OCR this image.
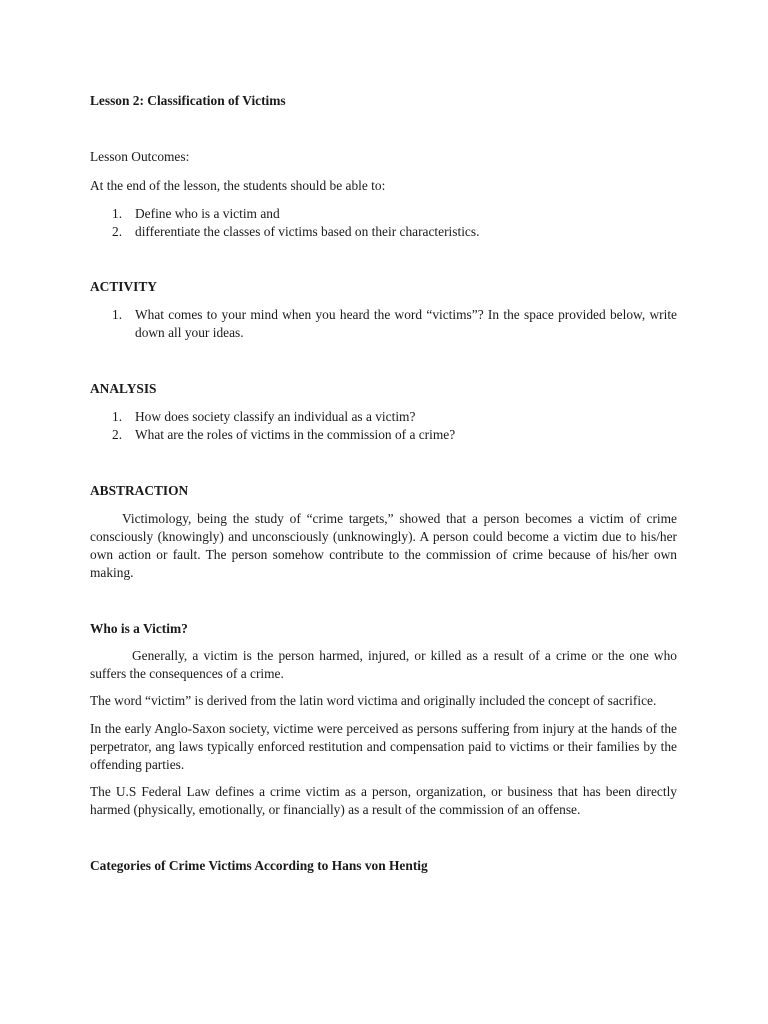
Lesson 2: Classification of Victims

Lesson Outcomes:

At the end of the lesson, the students should be able to:

1. Define who is a victim and
2. differentiate the classes of victims based on their characteristics.

ACTIVITY

1. What comes to your mind when you heard the word “victims”? In the space provided below, write down all your ideas.

ANALYSIS

1. How does society classify an individual as a victim?
2. What are the roles of victims in the commission of a crime?

ABSTRACTION

Victimology, being the study of “crime targets,” showed that a person becomes a victim of crime consciously (knowingly) and unconsciously (unknowingly). A person could become a victim due to his/her own action or fault. The person somehow contribute to the commission of crime because of his/her own making.

Who is a Victim?

Generally, a victim is the person harmed, injured, or killed as a result of a crime or the one who suffers the consequences of a crime.

The word “victim” is derived from the latin word victima and originally included the concept of sacrifice.

In the early Anglo-Saxon society, victime were perceived as persons suffering from injury at the hands of the perpetrator, ang laws typically enforced restitution and compensation paid to victims or their families by the offending parties.

The U.S Federal Law defines a crime victim as a person, organization, or business that has been directly harmed (physically, emotionally, or financially) as a result of the commission of an offense.

Categories of Crime Victims According to Hans von Hentig
